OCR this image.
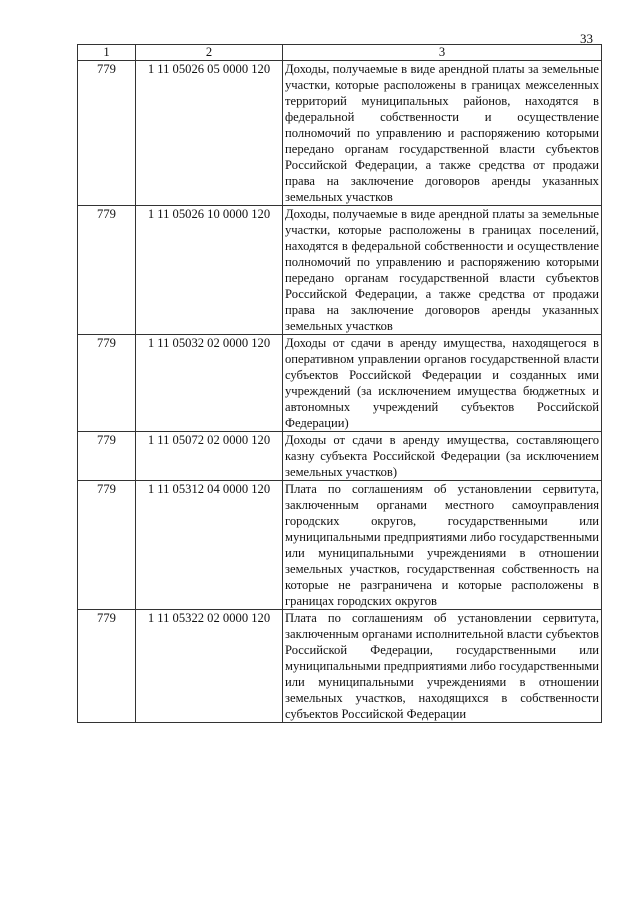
33
1	2	3
779	1 11 05026 05 0000 120	Доходы, получаемые в виде арендной платы за земельные участки, которые расположены в границах межселенных территорий муниципальных районов, находятся в федеральной собственности и осуществление полномочий по управлению и распоряжению которыми передано органам государственной власти субъектов Российской Федерации, а также средства от продажи права на заключение договоров аренды указанных земельных участков
779	1 11 05026 10 0000 120	Доходы, получаемые в виде арендной платы за земельные участки, которые расположены в границах поселений, находятся в федеральной собственности и осуществление полномочий по управлению и распоряжению которыми передано органам государственной власти субъектов Российской Федерации, а также средства от продажи права на заключение договоров аренды указанных земельных участков
779	1 11 05032 02 0000 120	Доходы от сдачи в аренду имущества, находящегося в оперативном управлении органов государственной власти субъектов Российской Федерации и созданных ими учреждений (за исключением имущества бюджетных и автономных учреждений субъектов Российской Федерации)
779	1 11 05072 02 0000 120	Доходы от сдачи в аренду имущества, составляющего казну субъекта Российской Федерации (за исключением земельных участков)
779	1 11 05312 04 0000 120	Плата по соглашениям об установлении сервитута, заключенным органами местного самоуправления городских округов, государственными или муниципальными предприятиями либо государственными или муниципальными учреждениями в отношении земельных участков, государственная собственность на которые не разграничена и которые расположены в границах городских округов
779	1 11 05322 02 0000 120	Плата по соглашениям об установлении сервитута, заключенным органами исполнительной власти субъектов Российской Федерации, государственными или муниципальными предприятиями либо государственными или муниципальными учреждениями в отношении земельных участков, находящихся в собственности субъектов Российской Федерации
